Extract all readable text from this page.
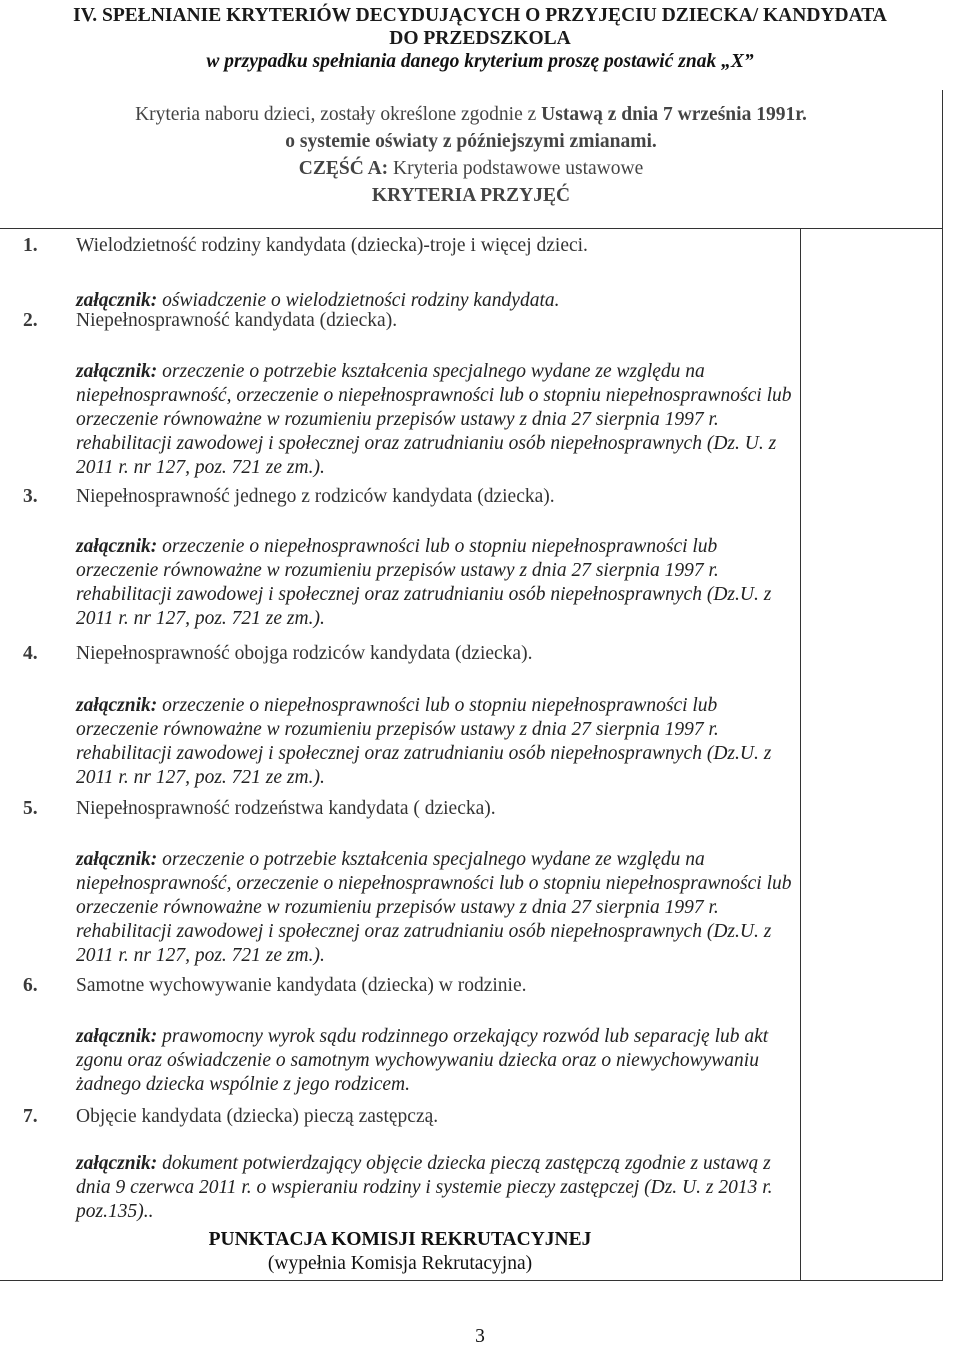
IV. SPEŁNIANIE KRYTERIÓW DECYDUJĄCYCH O PRZYJĘCIU DZIECKA/ KANDYDATA
DO PRZEDSZKOLA
w przypadku spełniania danego kryterium proszę postawić znak „X”
Kryteria naboru dzieci, zostały określone zgodnie z Ustawą z dnia 7 września 1991r.
o systemie oświaty z późniejszymi zmianami.
CZĘŚĆ A: Kryteria podstawowe ustawowe
KRYTERIA PRZYJĘĆ
1. Wielodzietność rodziny kandydata (dziecka)-troje i więcej dzieci.
załącznik: oświadczenie o wielodzietności rodziny kandydata.
2. Niepełnosprawność kandydata (dziecka).
załącznik: orzeczenie o potrzebie kształcenia specjalnego wydane ze względu na niepełnosprawność, orzeczenie o niepełnosprawności lub o stopniu niepełnosprawności lub orzeczenie równoważne w rozumieniu przepisów ustawy z dnia 27 sierpnia 1997 r. rehabilitacji zawodowej i społecznej oraz zatrudnianiu osób niepełnosprawnych (Dz. U. z 2011 r. nr 127, poz. 721 ze zm.).
3. Niepełnosprawność jednego z rodziców kandydata (dziecka).
załącznik: orzeczenie o niepełnosprawności lub o stopniu niepełnosprawności lub orzeczenie równoważne w rozumieniu przepisów ustawy z dnia 27 sierpnia 1997 r. rehabilitacji zawodowej i społecznej oraz zatrudnianiu osób niepełnosprawnych (Dz.U. z 2011 r. nr 127, poz. 721 ze zm.).
4. Niepełnosprawność obojga rodziców kandydata (dziecka).
załącznik: orzeczenie o niepełnosprawności lub o stopniu niepełnosprawności lub orzeczenie równoważne w rozumieniu przepisów ustawy z dnia 27 sierpnia 1997 r. rehabilitacji zawodowej i społecznej oraz zatrudnianiu osób niepełnosprawnych (Dz.U. z 2011 r. nr 127, poz. 721 ze zm.).
5. Niepełnosprawność rodzeństwa kandydata ( dziecka).
załącznik: orzeczenie o potrzebie kształcenia specjalnego wydane ze względu na niepełnosprawność, orzeczenie o niepełnosprawności lub o stopniu niepełnosprawności lub orzeczenie równoważne w rozumieniu przepisów ustawy z dnia 27 sierpnia 1997 r. rehabilitacji zawodowej i społecznej oraz zatrudnianiu osób niepełnosprawnych (Dz.U. z 2011 r. nr 127, poz. 721 ze zm.).
6. Samotne wychowywanie kandydata (dziecka) w rodzinie.
załącznik: prawomocny wyrok sądu rodzinnego orzekający rozwód lub separację lub akt zgonu oraz oświadczenie o samotnym wychowywaniu dziecka oraz o niewychowywaniu żadnego dziecka wspólnie z jego rodzicem.
7. Objęcie kandydata (dziecka) pieczą zastępczą.
załącznik: dokument potwierdzający objęcie dziecka pieczą zastępczą zgodnie z ustawą z dnia 9 czerwca 2011 r. o wspieraniu rodziny i systemie pieczy zastępczej (Dz. U. z 2013 r. poz.135)..
PUNKTACJA KOMISJI REKRUTACYJNEJ
(wypełnia Komisja Rekrutacyjna)
3
